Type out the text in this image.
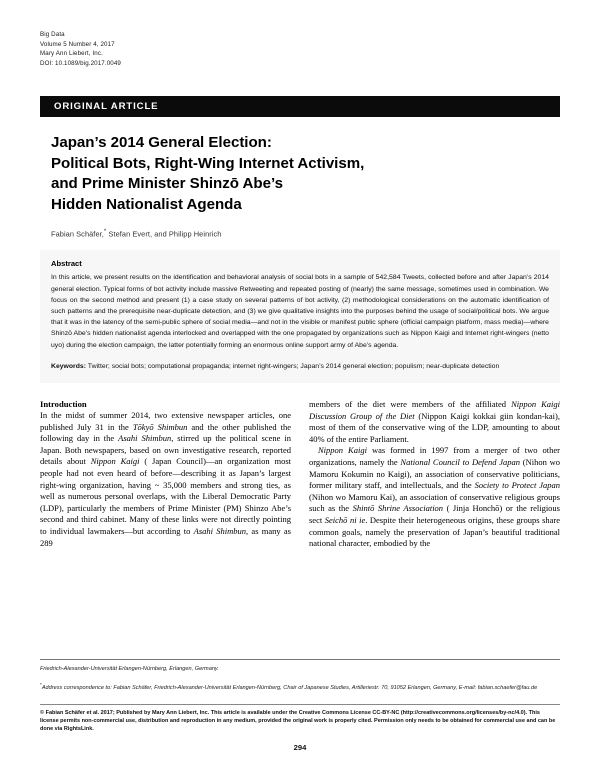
Big Data
Volume 5 Number 4, 2017
Mary Ann Liebert, Inc.
DOI: 10.1089/big.2017.0049
ORIGINAL ARTICLE
Japan’s 2014 General Election:
Political Bots, Right-Wing Internet Activism,
and Prime Minister Shinzō Abe’s
Hidden Nationalist Agenda
Fabian Schäfer,* Stefan Evert, and Philipp Heinrich
Abstract
In this article, we present results on the identification and behavioral analysis of social bots in a sample of 542,584 Tweets, collected before and after Japan’s 2014 general election. Typical forms of bot activity include massive Retweeting and repeated posting of (nearly) the same message, sometimes used in combination. We focus on the second method and present (1) a case study on several patterns of bot activity, (2) methodological considerations on the automatic identification of such patterns and the prerequisite near-duplicate detection, and (3) we give qualitative insights into the purposes behind the usage of social/political bots. We argue that it was in the latency of the semi-public sphere of social media—and not in the visible or manifest public sphere (official campaign platform, mass media)—where Shinzō Abe’s hidden nationalist agenda interlocked and overlapped with the one propagated by organizations such as Nippon Kaigi and Internet right-wingers (netto uyo) during the election campaign, the latter potentially forming an enormous online support army of Abe’s agenda.
Keywords: Twitter; social bots; computational propaganda; internet right-wingers; Japan’s 2014 general election; populism; near-duplicate detection
Introduction

In the midst of summer 2014, two extensive newspaper articles, one published July 31 in the Tōkyō Shimbun and the other published the following day in the Asahi Shimbun, stirred up the political scene in Japan. Both newspapers, based on own investigative research, reported details about Nippon Kaigi ( Japan Council)—an organization most people had not even heard of before—describing it as Japan’s largest right-wing organization, having ~ 35,000 members and strong ties, as well as numerous personal overlaps, with the Liberal Democratic Party (LDP), particularly the members of Prime Minister (PM) Shinzo Abe’s second and third cabinet. Many of these links were not directly pointing to individual lawmakers—but according to Asahi Shimbun, as many as 289

members of the diet were members of the affiliated Nippon Kaigi Discussion Group of the Diet (Nippon Kaigi kokkai giin kondan-kai), most of them of the conservative wing of the LDP, amounting to about 40% of the entire Parliament.

Nippon Kaigi was formed in 1997 from a merger of two other organizations, namely the National Council to Defend Japan (Nihon wo Mamoru Kokumin no Kaigi), an association of conservative politicians, former military staff, and intellectuals, and the Society to Protect Japan (Nihon wo Mamoru Kai), an association of conservative religious groups such as the Shintō Shrine Association ( Jinja Honchō) or the religious sect Seichō ni ie. Despite their heterogeneous origins, these groups share common goals, namely the preservation of Japan’s beautiful traditional national character, embodied by the

Friedrich-Alexander-Universität Erlangen-Nürnberg, Erlangen, Germany.
*Address correspondence to: Fabian Schäfer, Friedrich-Alexander-Universität Erlangen-Nürnberg, Chair of Japanese Studies, Artilleriestr. 70, 91052 Erlangen, Germany, E-mail: fabian.schaefer@fau.de
© Fabian Schäfer et al. 2017; Published by Mary Ann Liebert, Inc. This article is available under the Creative Commons License CC-BY-NC (http://creativecommons.org/licenses/by-nc/4.0). This license permits non-commercial use, distribution and reproduction in any medium, provided the original work is properly cited. Permission only needs to be obtained for commercial use and can be done via RightsLink.
294
